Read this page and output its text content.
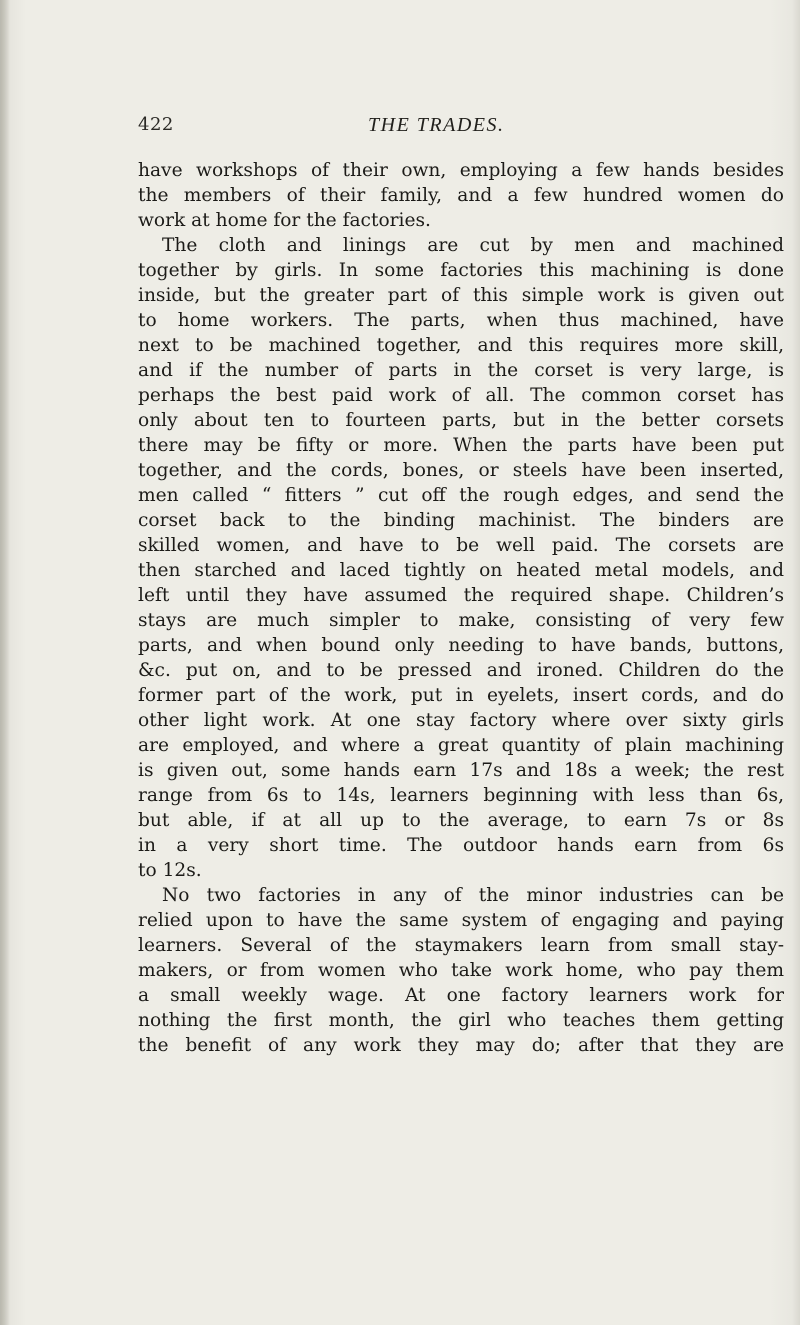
422	THE TRADES.
have workshops of their own, employing a few hands besides
the members of their family, and a few hundred women do
work at home for the factories.
The cloth and linings are cut by men and machined
together by girls. In some factories this machining is done
inside, but the greater part of this simple work is given out
to home workers. The parts, when thus machined, have
next to be machined together, and this requires more skill,
and if the number of parts in the corset is very large, is
perhaps the best paid work of all. The common corset has
only about ten to fourteen parts, but in the better corsets
there may be fifty or more. When the parts have been put
together, and the cords, bones, or steels have been inserted,
men called “ fitters ” cut off the rough edges, and send the
corset back to the binding machinist. The binders are
skilled women, and have to be well paid. The corsets are
then starched and laced tightly on heated metal models, and
left until they have assumed the required shape. Children’s
stays are much simpler to make, consisting of very few
parts, and when bound only needing to have bands, buttons,
&c. put on, and to be pressed and ironed. Children do the
former part of the work, put in eyelets, insert cords, and do
other light work. At one stay factory where over sixty girls
are employed, and where a great quantity of plain machining
is given out, some hands earn 17s and 18s a week; the rest
range from 6s to 14s, learners beginning with less than 6s,
but able, if at all up to the average, to earn 7s or 8s
in a very short time. The outdoor hands earn from 6s
to 12s.
No two factories in any of the minor industries can be
relied upon to have the same system of engaging and paying
learners. Several of the staymakers learn from small stay-
makers, or from women who take work home, who pay them
a small weekly wage. At one factory learners work for
nothing the first month, the girl who teaches them getting
the benefit of any work they may do; after that they are
